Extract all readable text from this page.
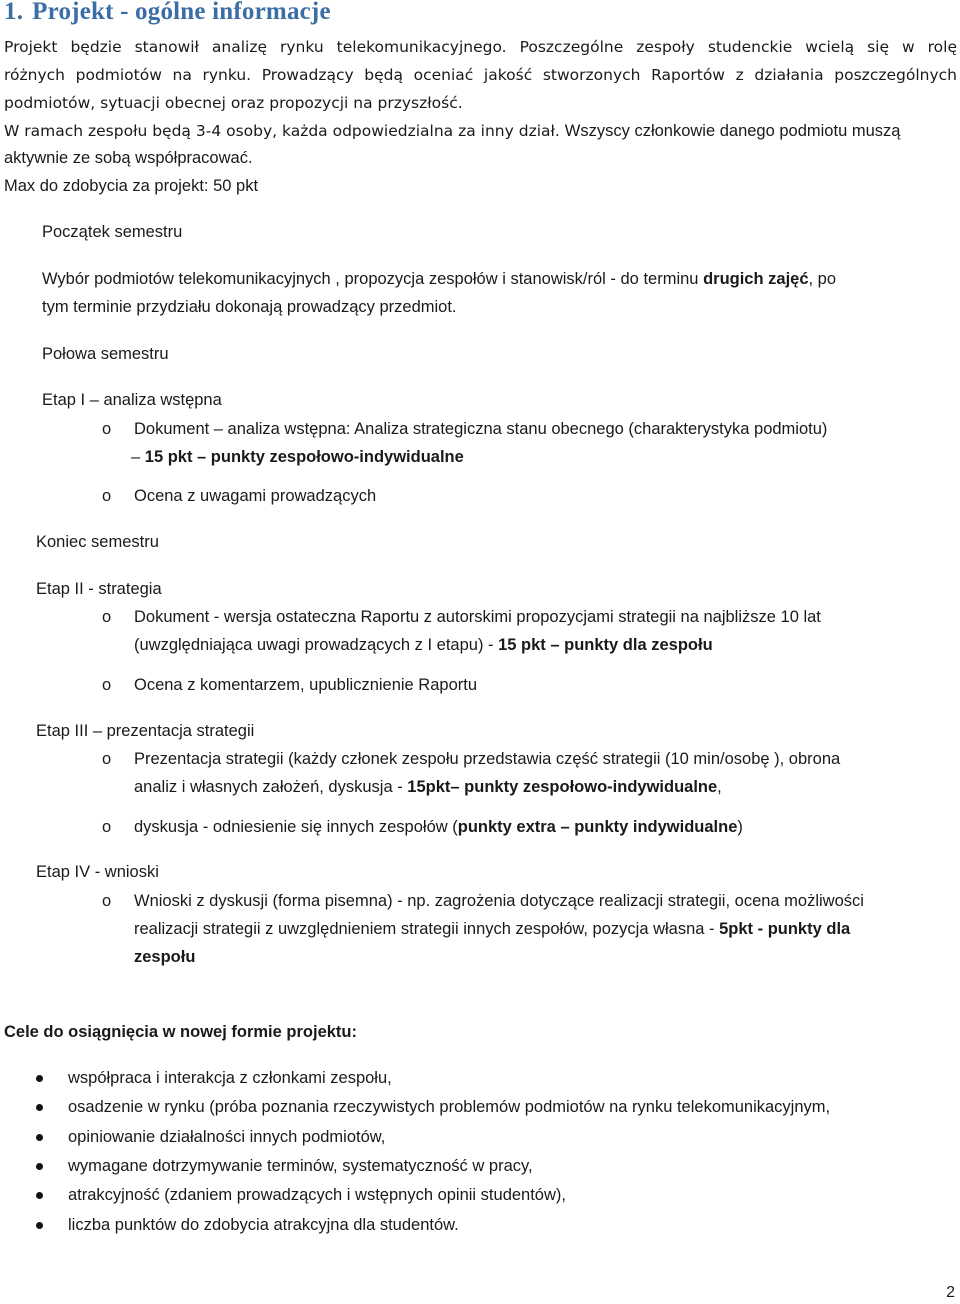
1. Projekt - ogólne informacje
Projekt będzie stanowił analizę rynku telekomunikacyjnego. Poszczególne zespoły studenckie wcielą się w rolę
różnych podmiotów na rynku. Prowadzący będą oceniać jakość stworzonych Raportów z działania poszczególnych
podmiotów, sytuacji obecnej oraz propozycji na przyszłość.
W ramach zespołu będą 3-4 osoby, każda odpowiedzialna za inny dział. Wszyscy członkowie danego podmiotu muszą
aktywnie ze sobą współpracować.
Max do zdobycia za projekt: 50 pkt
Początek semestru
Wybór podmiotów telekomunikacyjnych , propozycja zespołów i stanowisk/ról - do terminu drugich zajęć, po
tym terminie przydziału dokonają prowadzący przedmiot.
Połowa semestru
Etap I – analiza wstępna
o Dokument – analiza wstępna: Analiza strategiczna stanu obecnego (charakterystyka podmiotu)
– 15 pkt – punkty zespołowo-indywidualne
o Ocena z uwagami prowadzących
Koniec semestru
Etap II - strategia
o Dokument - wersja ostateczna Raportu z autorskimi propozycjami strategii na najbliższe 10 lat
(uwzględniająca uwagi prowadzących z I etapu) - 15 pkt – punkty dla zespołu
o Ocena z komentarzem, upublicznienie Raportu
Etap III – prezentacja strategii
o Prezentacja strategii (każdy członek zespołu przedstawia część strategii (10 min/osobę ), obrona
analiz i własnych założeń, dyskusja - 15pkt– punkty zespołowo-indywidualne,
o dyskusja - odniesienie się innych zespołów (punkty extra – punkty indywidualne)
Etap IV - wnioski
o Wnioski z dyskusji (forma pisemna) - np. zagrożenia dotyczące realizacji strategii, ocena możliwości
realizacji strategii z uwzględnieniem strategii innych zespołów, pozycja własna - 5pkt - punkty dla
zespołu
Cele do osiągnięcia w nowej formie projektu:
współpraca i interakcja z członkami zespołu,
osadzenie w rynku (próba poznania rzeczywistych problemów podmiotów na rynku telekomunikacyjnym,
opiniowanie działalności innych podmiotów,
wymagane dotrzymywanie terminów, systematyczność w pracy,
atrakcyjność (zdaniem prowadzących i wstępnych opinii studentów),
liczba punktów do zdobycia atrakcyjna dla studentów.
2
